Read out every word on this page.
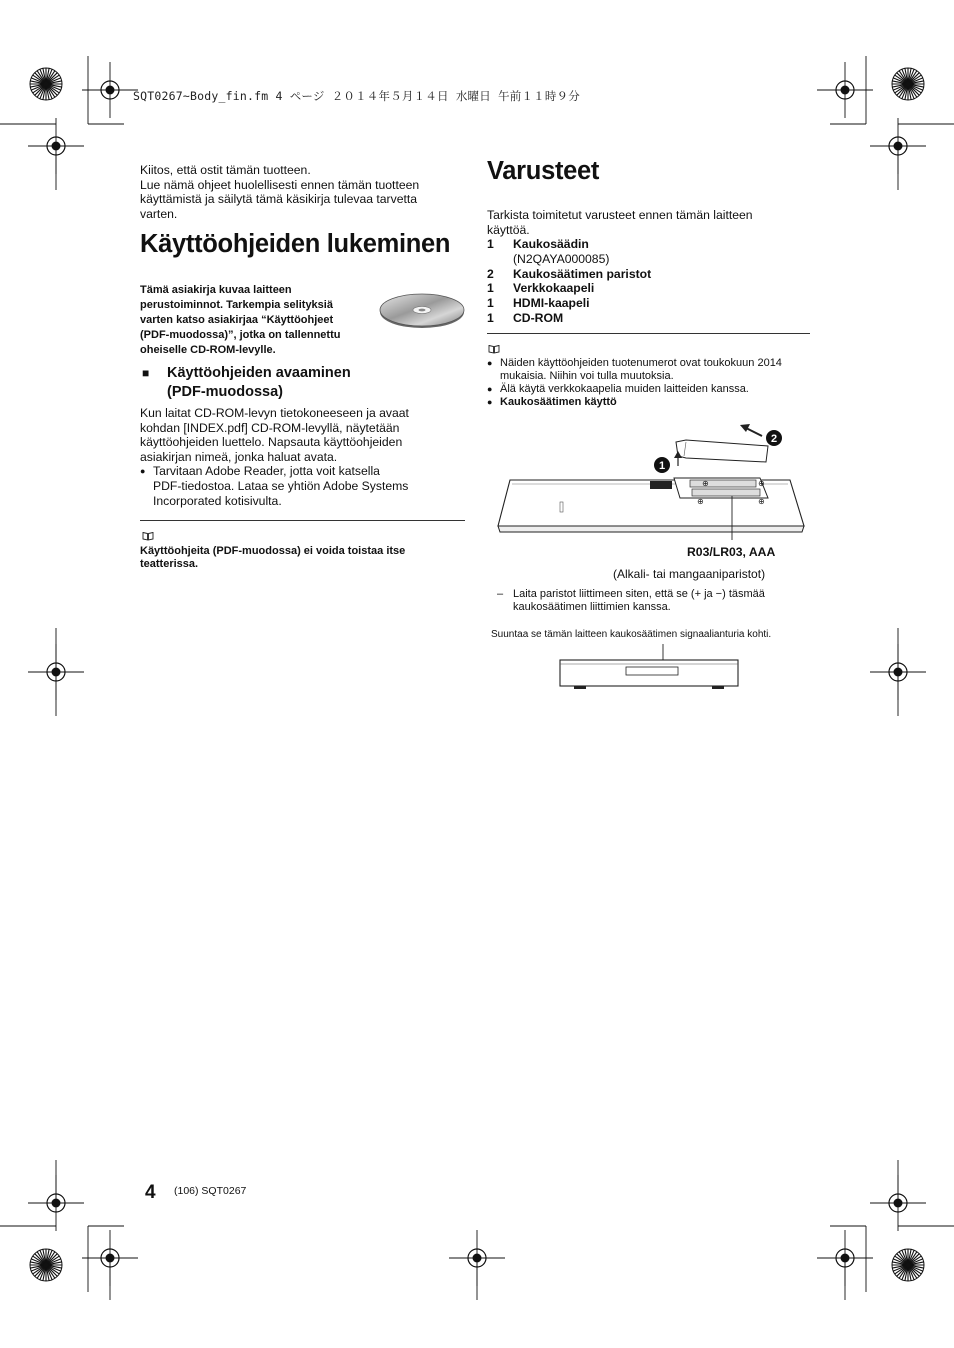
SQT0267~Body_fin.fm 4 ページ ２０１４年５月１４日 水曜日 午前１１時９分
Kiitos, että ostit tämän tuotteen.
Lue nämä ohjeet huolellisesti ennen tämän tuotteen
käyttämistä ja säilytä tämä käsikirja tulevaa tarvetta
varten.
Käyttöohjeiden lukeminen
Tämä asiakirja kuvaa laitteen
perustoiminnot. Tarkempia selityksiä
varten katso asiakirjaa “Käyttöohjeet
(PDF-muodossa)”, jotka on tallennettu
oheiselle CD-ROM-levylle.
■ Käyttöohjeiden avaaminen
(PDF-muodossa)
Kun laitat CD-ROM-levyn tietokoneeseen ja avaat
kohdan [INDEX.pdf] CD-ROM-levyllä, näytetään
käyttöohjeiden luettelo. Napsauta käyttöohjeiden
asiakirjan nimeä, jonka haluat avata.
● Tarvitaan Adobe Reader, jotta voit katsella
PDF-tiedostoa. Lataa se yhtiön Adobe Systems
Incorporated kotisivulta.
Käyttöohjeita (PDF-muodossa) ei voida toistaa itse
teatterissa.
Varusteet
Tarkista toimitetut varusteet ennen tämän laitteen
käyttöä.
1	Kaukosäädin
(N2QAYA000085)
2	Kaukosäätimen paristot
1	Verkkokaapeli
1	HDMI-kaapeli
1	CD-ROM
● Näiden käyttöohjeiden tuotenumerot ovat toukokuun 2014
mukaisia. Niihin voi tulla muutoksia.
● Älä käytä verkkokaapelia muiden laitteiden kanssa.
● Kaukosäätimen käyttö
⊕	⊕
⊕	⊕
1
2
R03/LR03, AAA
(Alkali- tai mangaaniparistot)
– Laita paristot liittimeen siten, että se (+ ja −) täsmää
kaukosäätimen liittimien kanssa.
Suuntaa se tämän laitteen kaukosäätimen signaalianturia kohti.
4 (106) SQT0267
